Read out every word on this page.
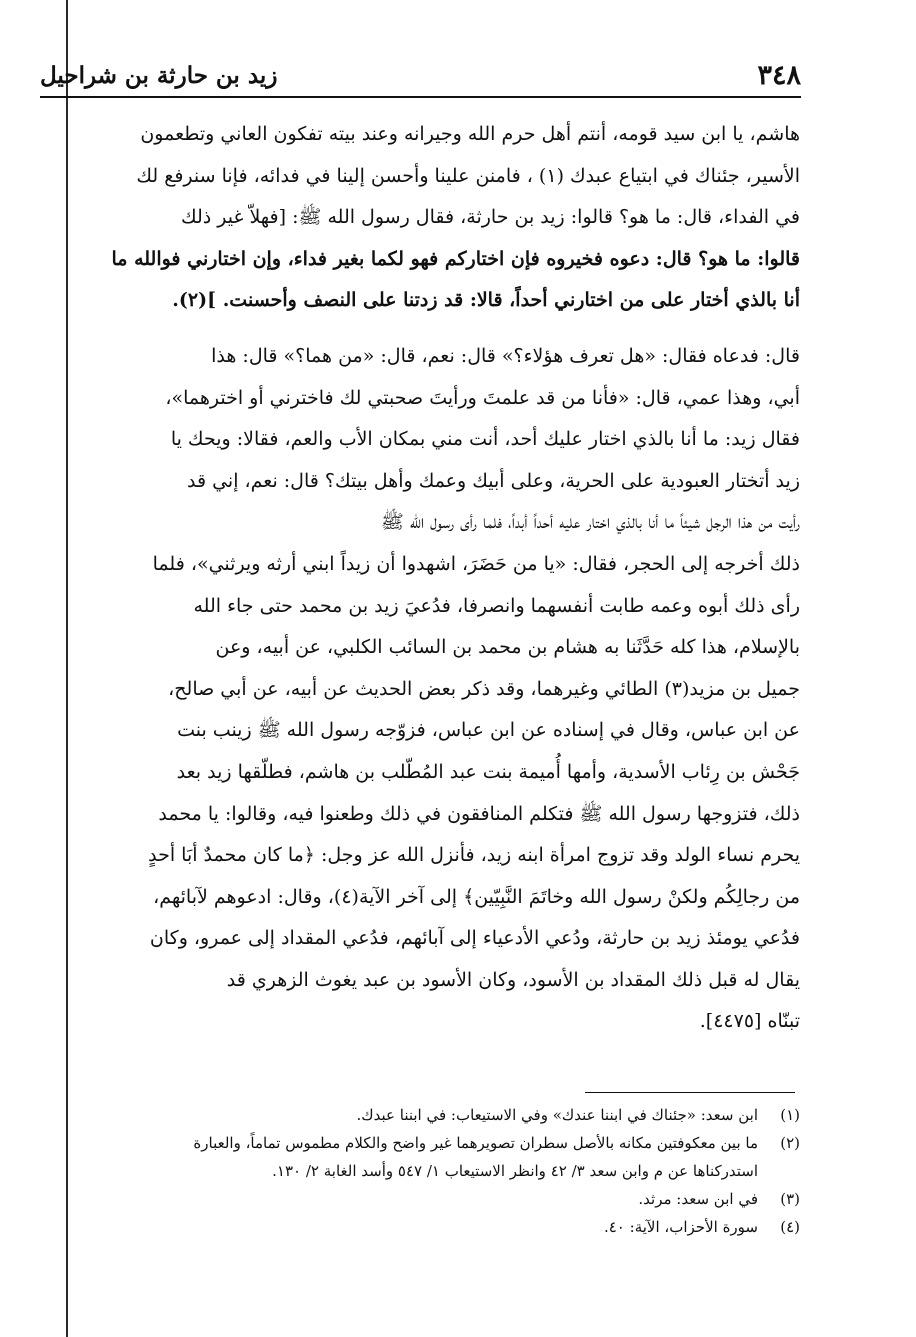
٣٤٨
زيد بن حارثة بن شراحيل
هاشم، يا ابن سيد قومه، أنتم أهل حرم الله وجيرانه وعند بيته تفكون العاني وتطعمون
الأسير، جئناك في ابتياع عبدك (١) ، فامنن علينا وأحسن إلينا في فدائه، فإنا سنرفع لك
في الفداء، قال: ما هو؟ قالوا: زيد بن حارثة، فقال رسول الله ﷺ: [فهلاّ غير ذلك
قالوا: ما هو؟ قال: دعوه فخيروه فإن اختاركم فهو لكما بغير فداء، وإن اختارني فوالله ما
أنا بالذي أختار على من اختارني أحداً، قالا: قد زدتنا على النصف وأحسنت. ](٢).
قال: فدعاه فقال: «هل تعرف هؤلاء؟» قال: نعم، قال: «من هما؟» قال: هذا
أبي، وهذا عمي، قال: «فأنا من قد علمتَ ورأيتَ صحبتي لك فاخترني أو اخترهما»،
فقال زيد: ما أنا بالذي اختار عليك أحد، أنت مني بمكان الأب والعم، فقالا: ويحك يا
زيد أتختار العبودية على الحرية، وعلى أبيك وعمك وأهل بيتك؟ قال: نعم، إني قد
رأيت من هذا الرجل شيئاً ما أنا بالذي اختار عليه أحداً أبداً، فلما رأى رسول الله ﷺ
ذلك أخرجه إلى الحجر، فقال: «يا من حَضَرَ، اشهدوا أن زيداً ابني أرثه ويرثني»، فلما
رأى ذلك أبوه وعمه طابت أنفسهما وانصرفا، فدُعيَ زيد بن محمد حتى جاء الله
بالإسلام، هذا كله حَدَّثَنا به هشام بن محمد بن السائب الكلبي، عن أبيه، وعن
جميل بن مزيد(٣) الطائي وغيرهما، وقد ذكر بعض الحديث عن أبيه، عن أبي صالح،
عن ابن عباس، وقال في إسناده عن ابن عباس، فزوّجه رسول الله ﷺ زينب بنت
جَحْش بن رِئاب الأسدية، وأمها أُميمة بنت عبد المُطّلب بن هاشم، فطلّقها زيد بعد
ذلك، فتزوجها رسول الله ﷺ فتكلم المنافقون في ذلك وطعنوا فيه، وقالوا: يا محمد
يحرم نساء الولد وقد تزوج امرأة ابنه زيد، فأنزل الله عز وجل: ﴿ما كان محمدٌ أبَا أحدٍ
من رجالِكُم ولكنْ رسول الله وخاتَمَ النَّبِيّين﴾ إلى آخر الآية(٤)، وقال: ادعوهم لآبائهم،
فدُعي يومئذ زيد بن حارثة، ودُعي الأدعياء إلى آبائهم، فدُعي المقداد إلى عمرو، وكان
يقال له قبل ذلك المقداد بن الأسود، وكان الأسود بن عبد يغوث الزهري قد
تبنّاه [٤٤٧٥].
(١)
ابن سعد: «جئناك في ابننا عندك» وفي الاستيعاب: في ابننا عبدك.
(٢)
ما بين معكوفتين مكانه بالأصل سطران تصويرهما غير واضح والكلام مطموس تماماً، والعبارة
استدركناها عن م وابن سعد ٣/ ٤٢ وانظر الاستيعاب ١/ ٥٤٧ وأسد الغابة ٢/ ١٣٠.
(٣)
في ابن سعد: مرثد.
(٤)
سورة الأحزاب، الآية: ٤٠.
